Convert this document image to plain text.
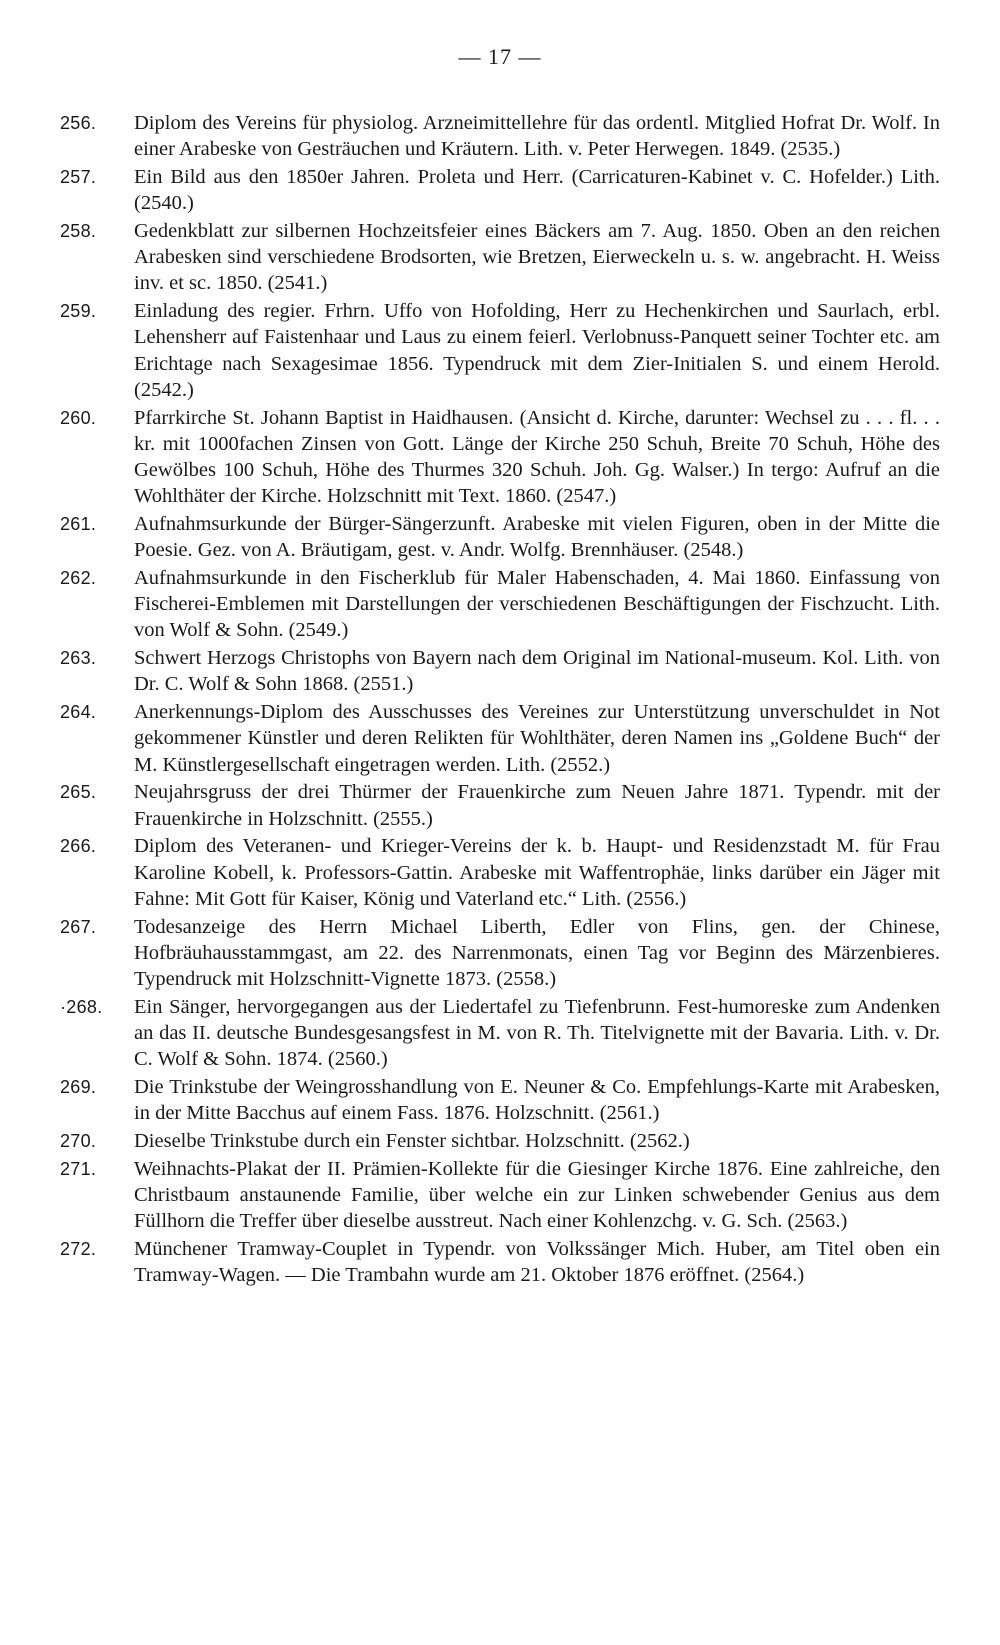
— 17 —
256.	Diplom des Vereins für physiolog. Arzneimittellehre für das ordentl. Mitglied Hofrat Dr. Wolf. In einer Arabeske von Gesträuchen und Kräutern. Lith. v. Peter Herwegen. 1849. (2535.)
257.	Ein Bild aus den 1850er Jahren. Proleta und Herr. (Carricaturen-Kabinet v. C. Hofelder.) Lith. (2540.)
258.	Gedenkblatt zur silbernen Hochzeitsfeier eines Bäckers am 7. Aug. 1850. Oben an den reichen Arabesken sind verschiedene Brodsorten, wie Bretzen, Eierweckeln u. s. w. angebracht. H. Weiss inv. et sc. 1850. (2541.)
259.	Einladung des regier. Frhrn. Uffo von Hofolding, Herr zu Hechenkirchen und Saurlach, erbl. Lehensherr auf Faistenhaar und Laus zu einem feierl. Verlobnuss-Panquett seiner Tochter etc. am Erichtage nach Sexagesimae 1856. Typendruck mit dem Zier-Initialen S. und einem Herold. (2542.)
260.	Pfarrkirche St. Johann Baptist in Haidhausen. (Ansicht d. Kirche, darunter: Wechsel zu . . . fl. . . kr. mit 1000fachen Zinsen von Gott. Länge der Kirche 250 Schuh, Breite 70 Schuh, Höhe des Gewölbes 100 Schuh, Höhe des Thurmes 320 Schuh. Joh. Gg. Walser.) In tergo: Aufruf an die Wohlthäter der Kirche. Holzschnitt mit Text. 1860. (2547.)
261.	Aufnahmsurkunde der Bürger-Sängerzunft. Arabeske mit vielen Figuren, oben in der Mitte die Poesie. Gez. von A. Bräutigam, gest. v. Andr. Wolfg. Brennhäuser. (2548.)
262.	Aufnahmsurkunde in den Fischerklub für Maler Habenschaden, 4. Mai 1860. Einfassung von Fischerei-Emblemen mit Darstellungen der verschiedenen Beschäftigungen der Fischzucht. Lith. von Wolf & Sohn. (2549.)
263.	Schwert Herzogs Christophs von Bayern nach dem Original im National-museum. Kol. Lith. von Dr. C. Wolf & Sohn 1868. (2551.)
264.	Anerkennungs-Diplom des Ausschusses des Vereines zur Unterstützung unverschuldet in Not gekommener Künstler und deren Relikten für Wohlthäter, deren Namen ins „Goldene Buch“ der M. Künstlergesellschaft eingetragen werden. Lith. (2552.)
265.	Neujahrsgruss der drei Thürmer der Frauenkirche zum Neuen Jahre 1871. Typendr. mit der Frauenkirche in Holzschnitt. (2555.)
266.	Diplom des Veteranen- und Krieger-Vereins der k. b. Haupt- und Residenzstadt M. für Frau Karoline Kobell, k. Professors-Gattin. Arabeske mit Waffentrophäe, links darüber ein Jäger mit Fahne: Mit Gott für Kaiser, König und Vaterland etc.“ Lith. (2556.)
267.	Todesanzeige des Herrn Michael Liberth, Edler von Flins, gen. der Chinese, Hofbräuhausstammgast, am 22. des Narrenmonats, einen Tag vor Beginn des Märzenbieres. Typendruck mit Holzschnitt-Vignette 1873. (2558.)
·268.	Ein Sänger, hervorgegangen aus der Liedertafel zu Tiefenbrunn. Fest-humoreske zum Andenken an das II. deutsche Bundesgesangsfest in M. von R. Th. Titelvignette mit der Bavaria. Lith. v. Dr. C. Wolf & Sohn. 1874. (2560.)
269.	Die Trinkstube der Weingrosshandlung von E. Neuner & Co. Empfehlungs-Karte mit Arabesken, in der Mitte Bacchus auf einem Fass. 1876. Holzschnitt. (2561.)
270.	Dieselbe Trinkstube durch ein Fenster sichtbar. Holzschnitt. (2562.)
271.	Weihnachts-Plakat der II. Prämien-Kollekte für die Giesinger Kirche 1876. Eine zahlreiche, den Christbaum anstaunende Familie, über welche ein zur Linken schwebender Genius aus dem Füllhorn die Treffer über dieselbe ausstreut. Nach einer Kohlenzchg. v. G. Sch. (2563.)
272.	Münchener Tramway-Couplet in Typendr. von Volkssänger Mich. Huber, am Titel oben ein Tramway-Wagen. — Die Trambahn wurde am 21. Oktober 1876 eröffnet. (2564.)
